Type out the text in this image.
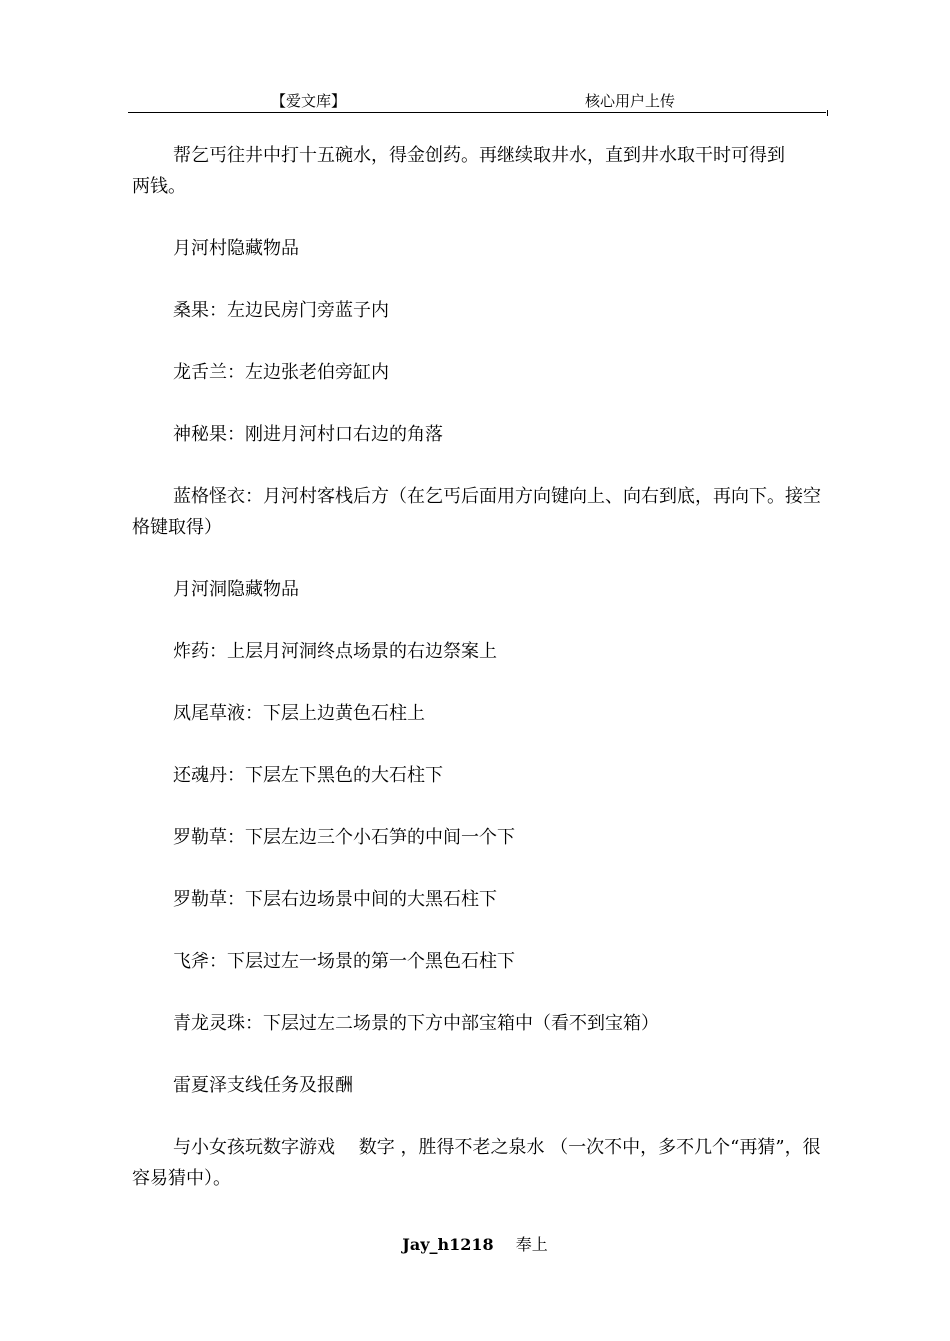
【爱文库】	核心用户上传

帮乞丐往井中打十五碗水，得金创药。再继续取井水，直到井水取干时可得到　　两钱。

月河村隐藏物品

桑果：左边民房门旁蓝子内

龙舌兰：左边张老伯旁缸内

神秘果：刚进月河村口右边的角落

蓝格怪衣：月河村客栈后方（在乞丐后面用方向键向上、向右到底，再向下。接空格键取得）

月河洞隐藏物品

炸药：上层月河洞终点场景的右边祭案上

凤尾草液：下层上边黄色石柱上

还魂丹：下层左下黑色的大石柱下

罗勒草：下层左边三个小石笋的中间一个下

罗勒草：下层右边场景中间的大黑石柱下

飞斧：下层过左一场景的第一个黑色石柱下

青龙灵珠：下层过左二场景的下方中部宝箱中（看不到宝箱）

雷夏泽支线任务及报酬

与小女孩玩数字游戏　 数字 ，胜得不老之泉水 （一次不中，多不几个“再猜”，很容易猜中）。

Jay_h1218 奉上
